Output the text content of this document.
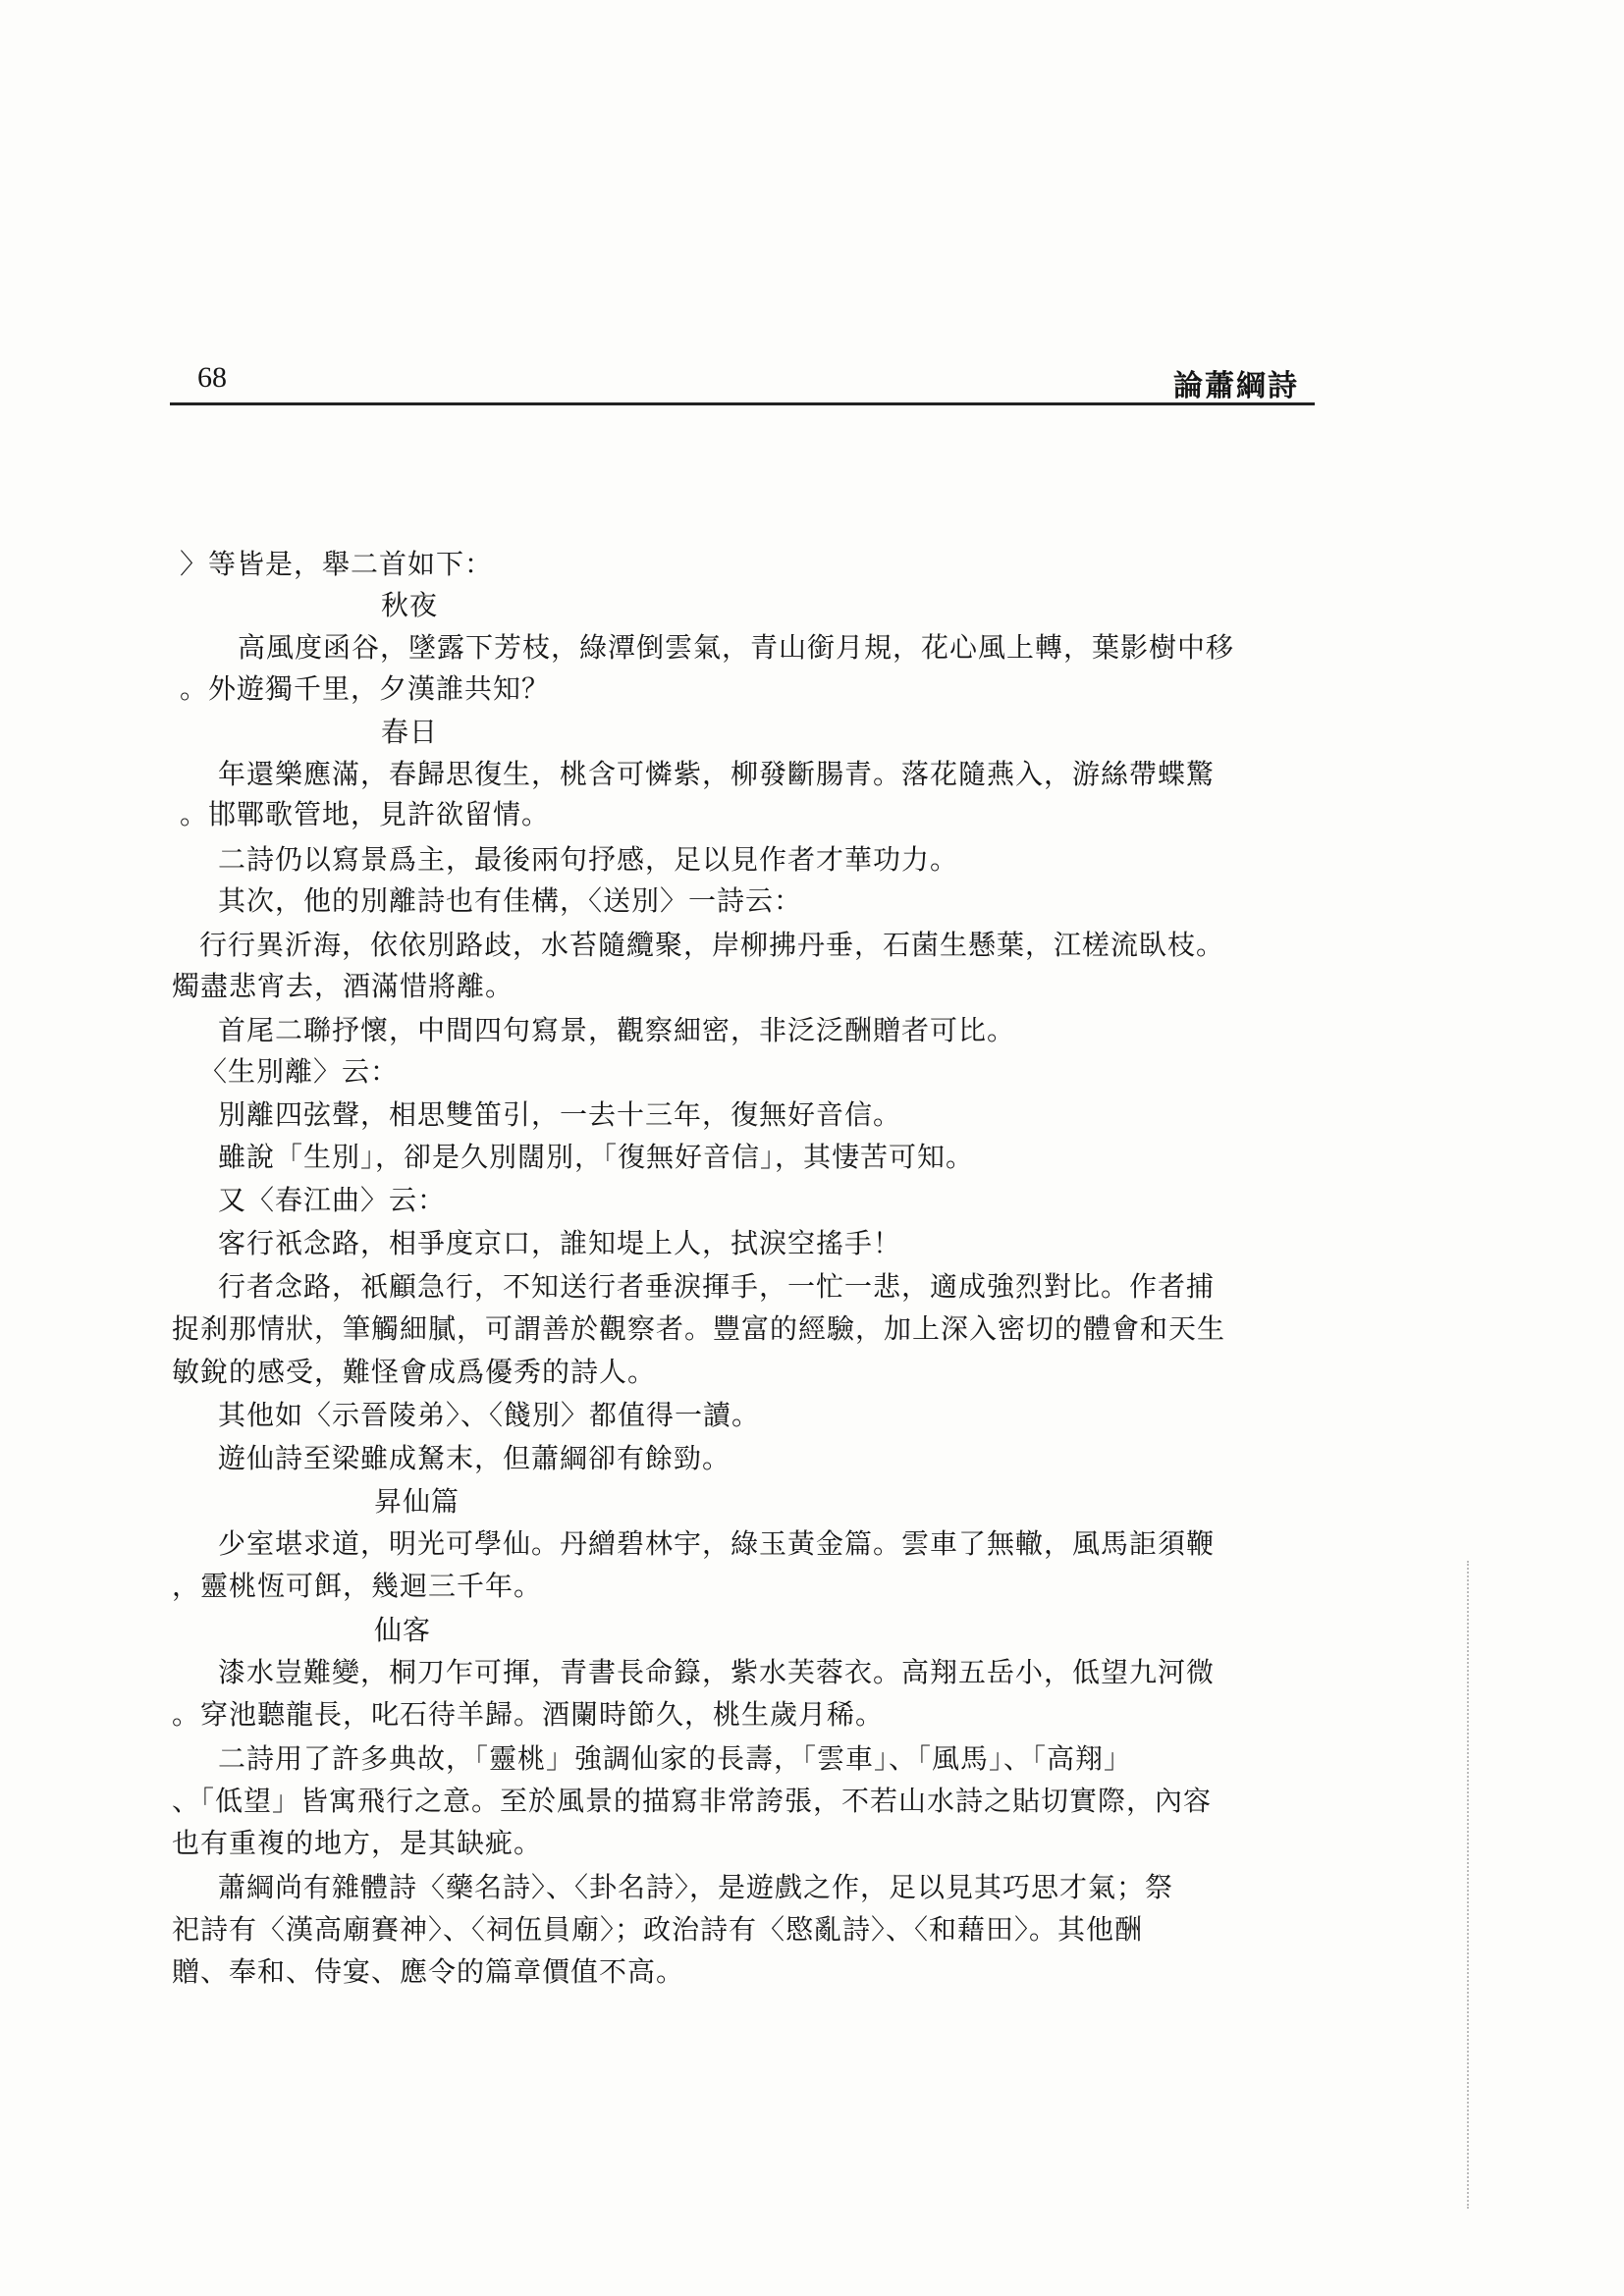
68	論蕭綱詩
〉等皆是，舉二首如下：
秋夜
高風度函谷，墜露下芳枝，綠潭倒雲氣，青山銜月規，花心風上轉，葉影樹中移
。外遊獨千里，夕漢誰共知？
春日
年還樂應滿，春歸思復生，桃含可憐紫，柳發斷腸青。落花隨燕入，游絲帶蝶驚
。邯鄲歌管地，見許欲留情。
二詩仍以寫景爲主，最後兩句抒感，足以見作者才華功力。
其次，他的別離詩也有佳構，〈送別〉一詩云：
行行異沂海，依依別路歧，水苔隨纜聚，岸柳拂丹垂，石菌生懸葉，江槎流臥枝。
燭盡悲宵去，酒滿惜將離。
首尾二聯抒懷，中間四句寫景，觀察細密，非泛泛酬贈者可比。
〈生別離〉云：
別離四弦聲，相思雙笛引，一去十三年，復無好音信。
雖說「生別」，卻是久別闊別，「復無好音信」，其悽苦可知。
又〈春江曲〉云：
客行祇念路，相爭度京口，誰知堤上人，拭淚空搖手！
行者念路，祇顧急行，不知送行者垂淚揮手，一忙一悲，適成強烈對比。作者捕
捉刹那情狀，筆觸細膩，可謂善於觀察者。豐富的經驗，加上深入密切的體會和天生
敏銳的感受，難怪會成爲優秀的詩人。
其他如〈示晉陵弟〉、〈餞別〉都值得一讀。
遊仙詩至梁雖成駑末，但蕭綱卻有餘勁。
昇仙篇
少室堪求道，明光可學仙。丹繒碧林宇，綠玉黃金篇。雲車了無轍，風馬詎須鞭
，靈桃恆可餌，幾迴三千年。
仙客
漆水豈難變，桐刀乍可揮，青書長命籙，紫水芙蓉衣。高翔五岳小，低望九河微
。穿池聽龍長，叱石待羊歸。酒闌時節久，桃生歲月稀。
二詩用了許多典故，「靈桃」強調仙家的長壽，「雲車」、「風馬」、「高翔」
、「低望」皆寓飛行之意。至於風景的描寫非常誇張，不若山水詩之貼切實際，內容
也有重複的地方，是其缺疵。
蕭綱尚有雜體詩〈藥名詩〉、〈卦名詩〉，是遊戲之作，足以見其巧思才氣；祭
祀詩有〈漢高廟賽神〉、〈祠伍員廟〉；政治詩有〈愍亂詩〉、〈和藉田〉。其他酬
贈、奉和、侍宴、應令的篇章價值不高。
